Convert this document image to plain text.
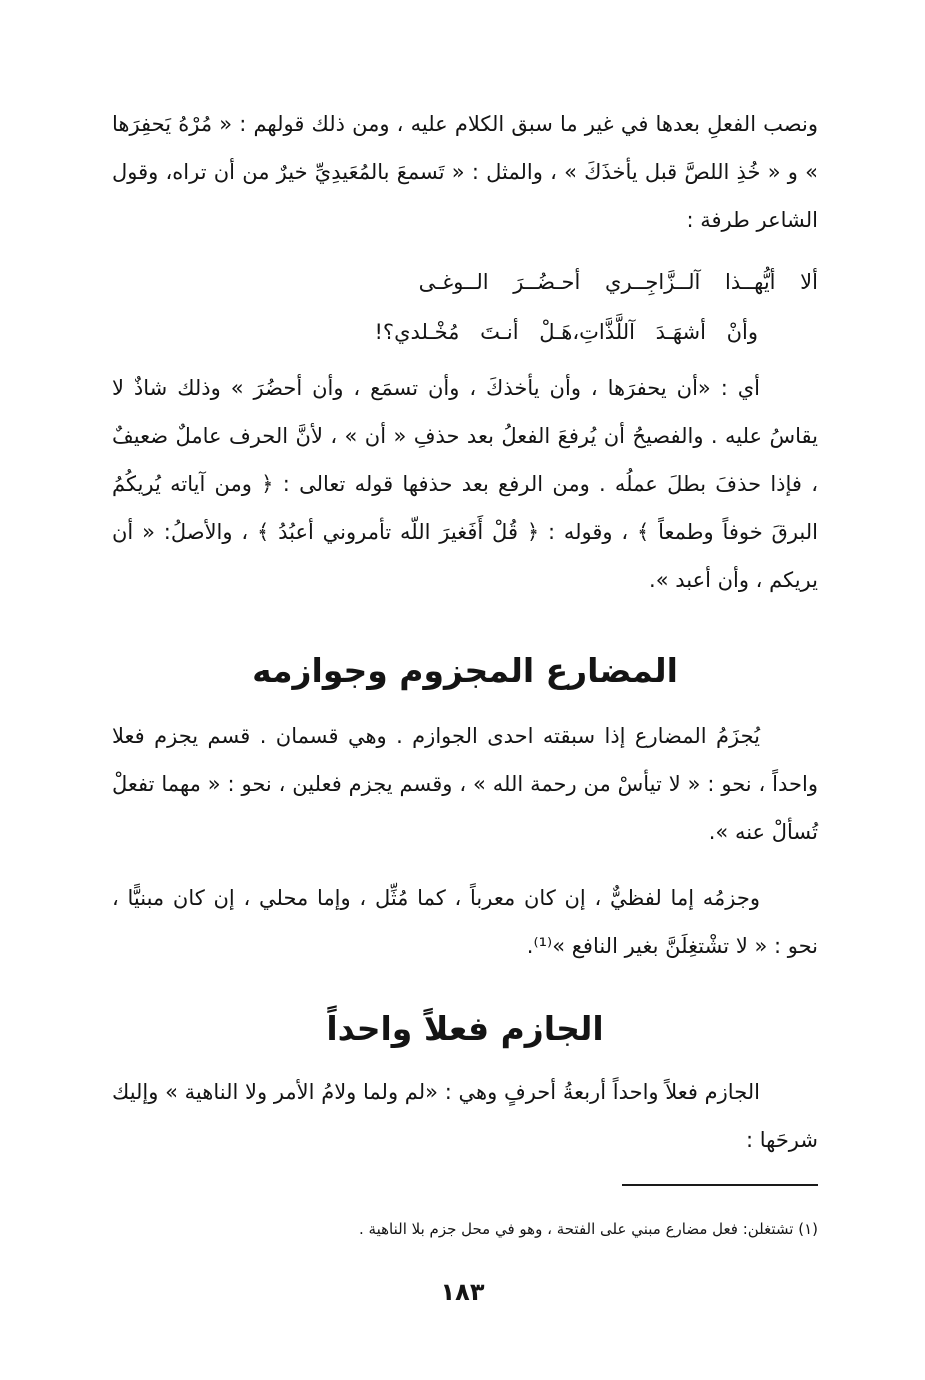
ونصب الفعلِ بعدها في غير ما سبق الكلام عليه ، ومن ذلك قولهم : « مُرْهُ يَحفِرَها » و « خُذِ اللصَّ قبل يأخذَكَ » ، والمثل : « تَسمعَ بالمُعَيدِيِّ خيرٌ من أن تراه، وقول الشاعر طرفة :

ألا أيُّهــذا آلــزَّاجِــري أحـضُــرَ الــوغـى
وأنْ أشهَـدَ آللَّذَّاتِ،هَـلْ أنـتَ مُخْـلدي؟!

أي : «أن يحفرَها ، وأن يأخذكَ ، وأن تسمَع ، وأن أحضُرَ » وذلك شاذٌ لا يقاسُ عليه . والفصيحُ أن يُرفعَ الفعلُ بعد حذفِ « أن » ، لأنَّ الحرف عاملٌ ضعيفٌ ، فإذا حذفَ بطلَ عملُه . ومن الرفع بعد حذفها قوله تعالى : ﴿ ومن آياته يُريكُمُ البرقَ خوفاً وطمعاً ﴾ ، وقوله : ﴿ قُلْ أَفَغيرَ اللّه تأمروني أعبُدُ ﴾ ، والأصلُ: « أن يريكم ، وأن أعبد ».

المضارع المجزوم وجوازمه

يُجزَمُ المضارع إذا سبقته احدى الجوازم . وهي قسمان . قسم يجزم فعلا واحداً ، نحو : « لا تيأسْ من رحمة الله » ، وقسم يجزم فعلين ، نحو : « مهما تفعلْ تُسألْ عنه ».

وجزمُه إما لفظيٌّ ، إن كان معرباً ، كما مُثِّل ، وإما محلي ، إن كان مبنيًّا ، نحو : « لا تشْتغِلَنَّ بغير النافع »⁽¹⁾.

الجازم فعلاً واحداً

الجازم فعلاً واحداً أربعةُ أحرفٍ وهي : «لم ولما ولامُ الأمر ولا الناهية » وإليك شرحَها :

(١) تشتغلن: فعل مضارع مبني على الفتحة ، وهو في محل جزم بلا الناهية .
١٨٣
